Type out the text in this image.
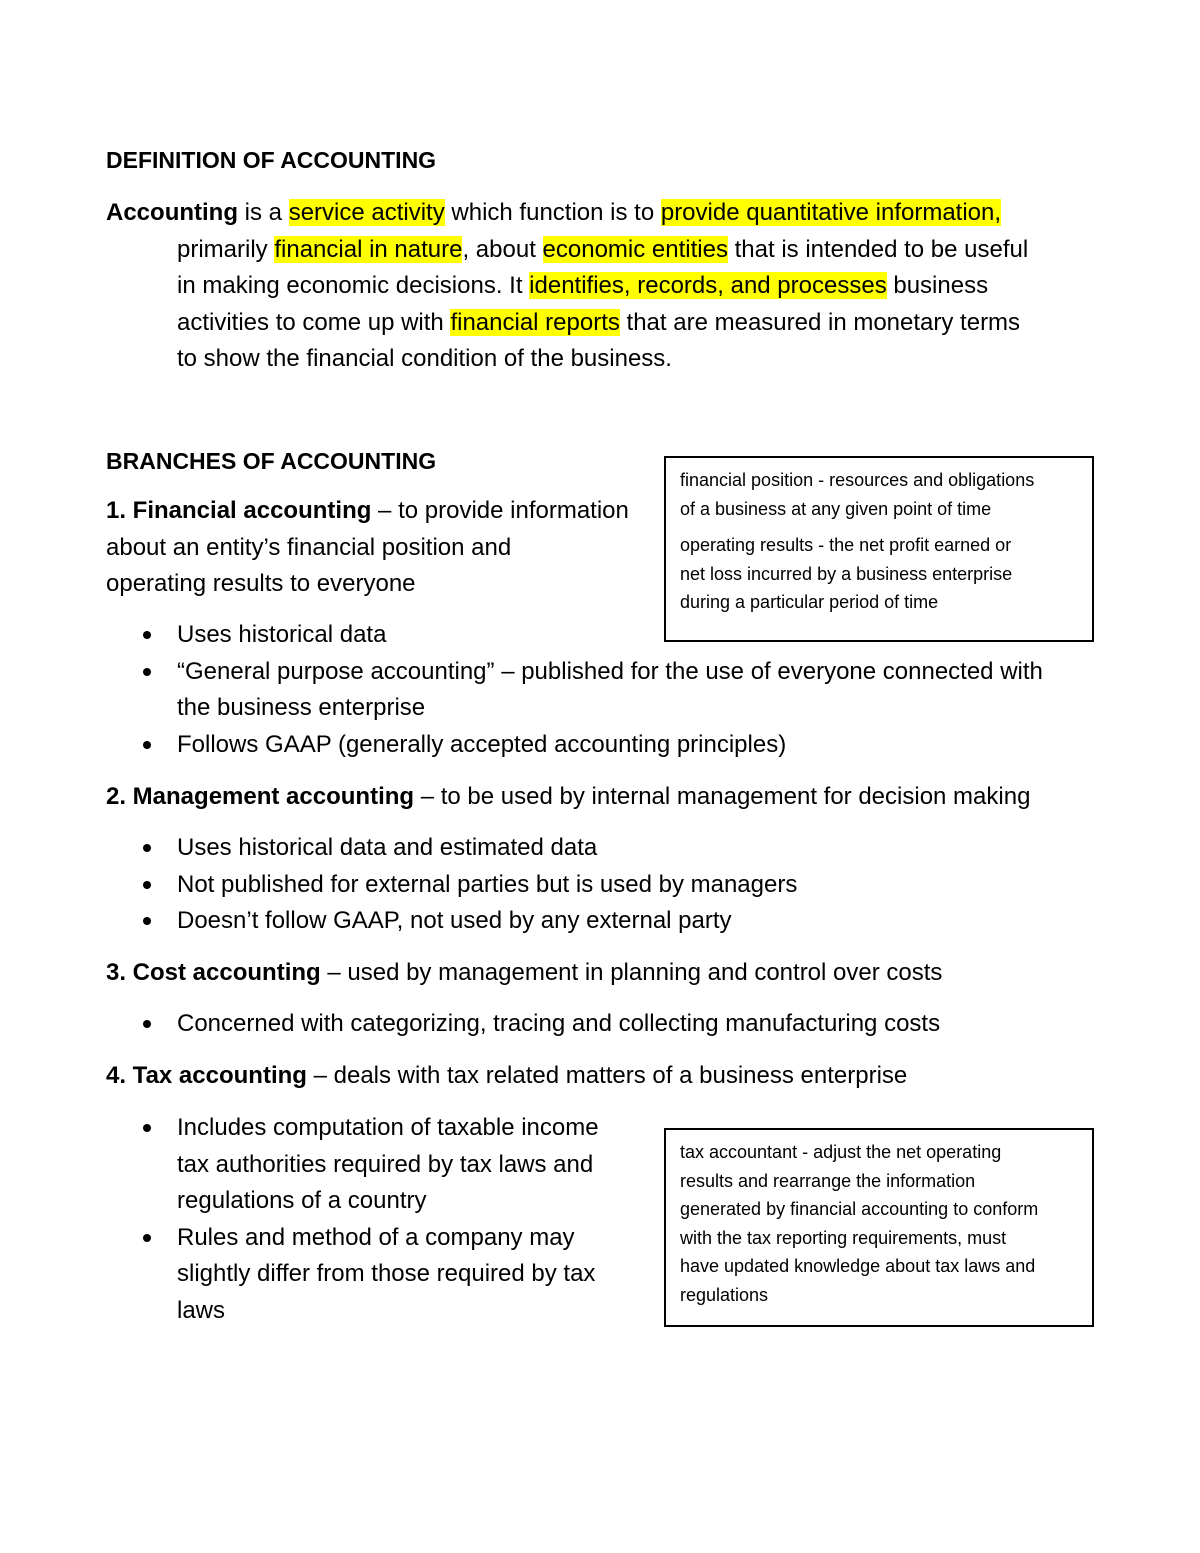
DEFINITION OF ACCOUNTING
Accounting is a service activity which function is to provide quantitative information,
primarily financial in nature, about economic entities that is intended to be useful
in making economic decisions. It identifies, records, and processes business
activities to come up with financial reports that are measured in monetary terms
to show the financial condition of the business.
BRANCHES OF ACCOUNTING
1. Financial accounting – to provide information
about an entity’s financial position and
operating results to everyone
Uses historical data
“General purpose accounting” – published for the use of everyone connected with
the business enterprise
Follows GAAP (generally accepted accounting principles)
2. Management accounting – to be used by internal management for decision making
Uses historical data and estimated data
Not published for external parties but is used by managers
Doesn’t follow GAAP, not used by any external party
3. Cost accounting – used by management in planning and control over costs
Concerned with categorizing, tracing and collecting manufacturing costs
4. Tax accounting – deals with tax related matters of a business enterprise
Includes computation of taxable income
tax authorities required by tax laws and
regulations of a country
Rules and method of a company may
slightly differ from those required by tax
laws

financial position - resources and obligations
of a business at any given point of time

operating results - the net profit earned or
net loss incurred by a business enterprise
during a particular period of time

tax accountant - adjust the net operating
results and rearrange the information
generated by financial accounting to conform
with the tax reporting requirements, must
have updated knowledge about tax laws and
regulations
